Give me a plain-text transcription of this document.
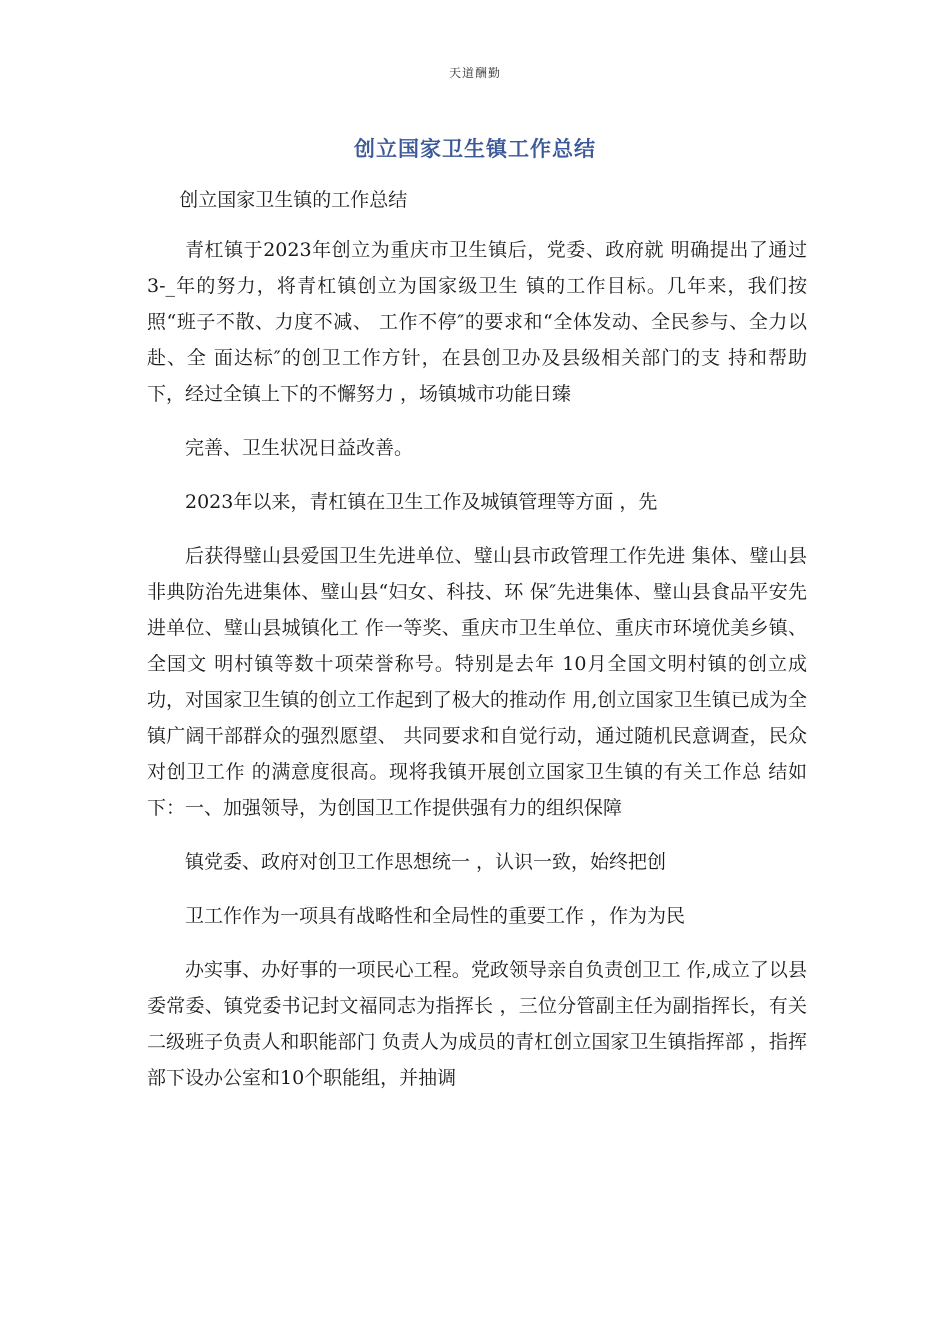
天道酬勤
创立国家卫生镇工作总结

创立国家卫生镇的工作总结

青杠镇于2023年创立为重庆市卫生镇后，党委、政府就 明确提出了通过 3-_年的努力，将青杠镇创立为国家级卫生 镇的工作目标。几年来，我们按照“班子不散、力度不减、 工作不停″的要求和“全体发动、全民参与、全力以赴、全 面达标″的创卫工作方针，在县创卫办及县级相关部门的支 持和帮助下，经过全镇上下的不懈努力 ，场镇城市功能日臻

完善、卫生状况日益改善。

2023年以来，青杠镇在卫生工作及城镇管理等方面 ，先

后获得璧山县爱国卫生先进单位、璧山县市政管理工作先进 集体、璧山县非典防治先进集体、璧山县“妇女、科技、环 保″先进集体、璧山县食品平安先进单位、璧山县城镇化工 作一等奖、重庆市卫生单位、重庆市环境优美乡镇、全国文 明村镇等数十项荣誉称号。特别是去年 10月全国文明村镇的创立成功，对国家卫生镇的创立工作起到了极大的推动作 用,创立国家卫生镇已成为全镇广阔干部群众的强烈愿望、 共同要求和自觉行动，通过随机民意调查，民众对创卫工作 的满意度很高。现将我镇开展创立国家卫生镇的有关工作总 结如下：一、加强领导，为创国卫工作提供强有力的组织保障

镇党委、政府对创卫工作思想统一 ，认识一致，始终把创

卫工作作为一项具有战略性和全局性的重要工作 ，作为为民

办实事、办好事的一项民心工程。党政领导亲自负责创卫工 作,成立了以县委常委、镇党委书记封文福同志为指挥长 ，三位分管副主任为副指挥长，有关二级班子负责人和职能部门 负责人为成员的青杠创立国家卫生镇指挥部 ，指挥部下设办公室和10个职能组，并抽调
